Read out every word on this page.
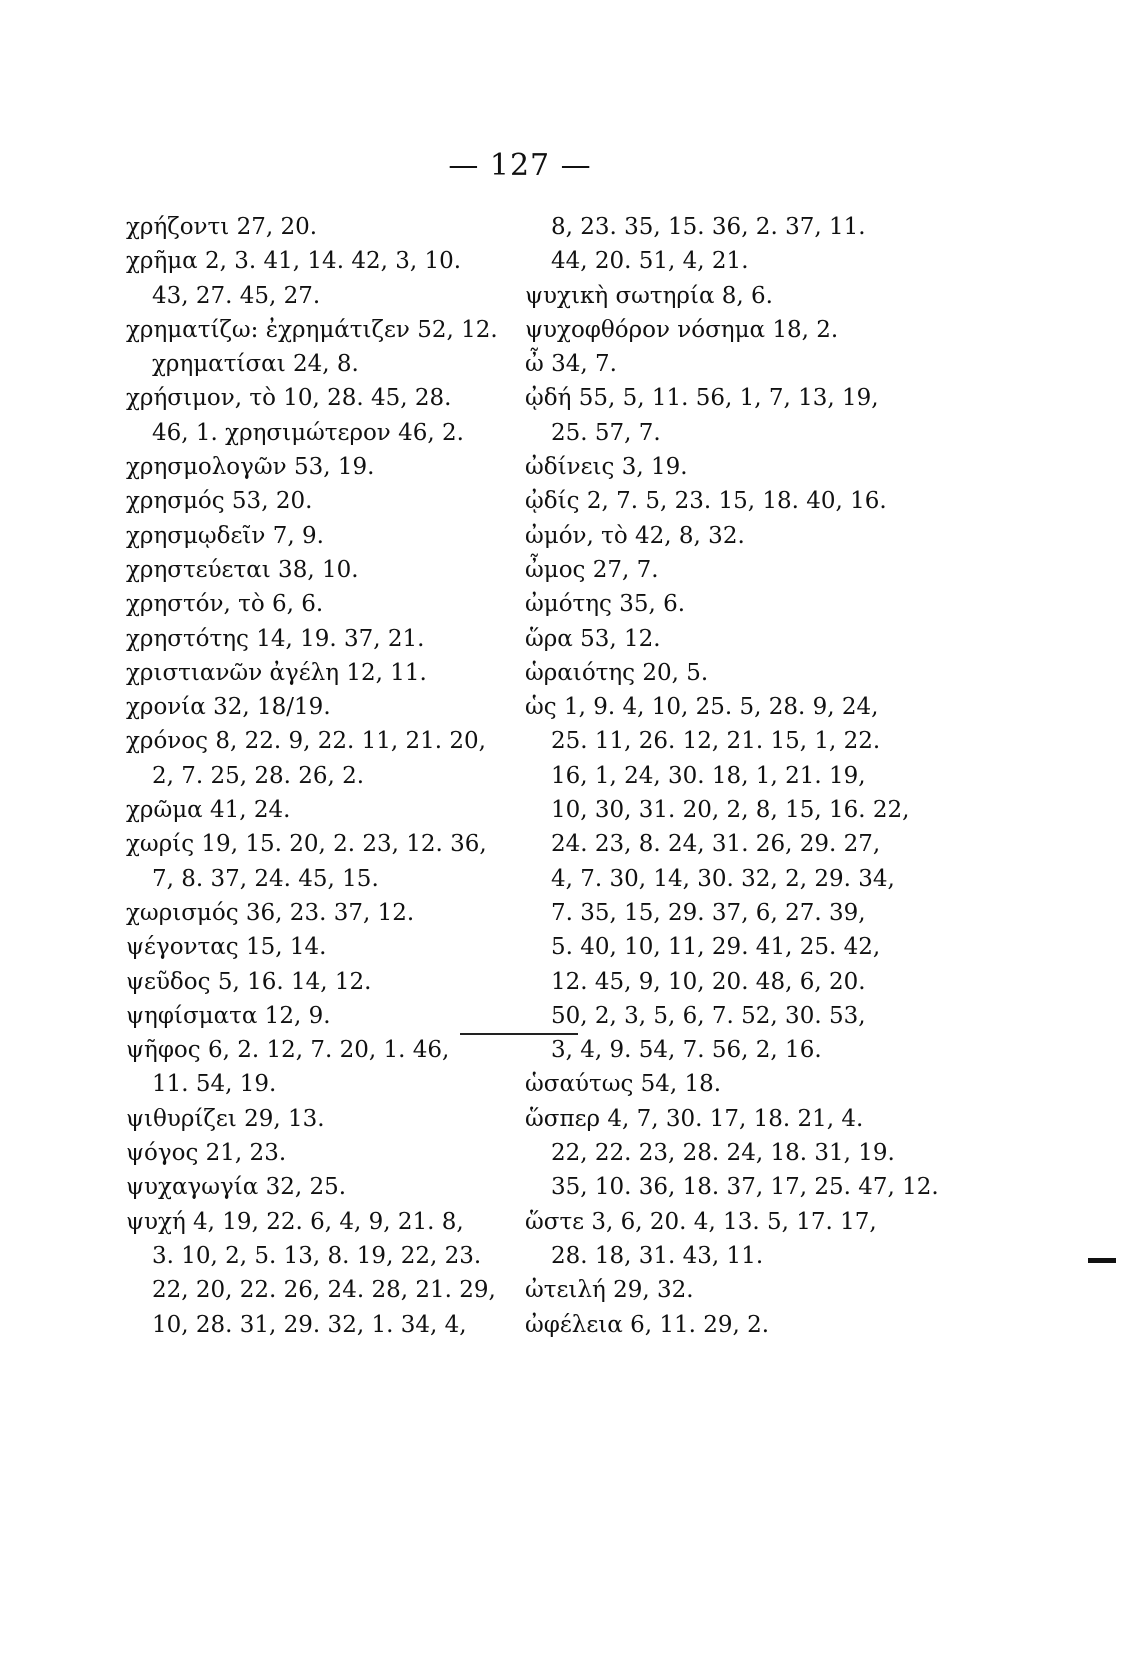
— 127 —
χρήζοντι 27, 20.
χρῆμα 2, 3. 41, 14. 42, 3, 10.
43, 27. 45, 27.
χρηματίζω: ἐχρημάτιζεν 52, 12.
χρηματίσαι 24, 8.
χρήσιμον, τὸ 10, 28. 45, 28.
46, 1. χρησιμώτερον 46, 2.
χρησμολογῶν 53, 19.
χρησμός 53, 20.
χρησμῳδεῖν 7, 9.
χρηστεύεται 38, 10.
χρηστόν, τὸ 6, 6.
χρηστότης 14, 19. 37, 21.
χριστιανῶν ἀγέλη 12, 11.
χρονία 32, 18/19.
χρόνος 8, 22. 9, 22. 11, 21. 20,
2, 7. 25, 28. 26, 2.
χρῶμα 41, 24.
χωρίς 19, 15. 20, 2. 23, 12. 36,
7, 8. 37, 24. 45, 15.
χωρισμός 36, 23. 37, 12.
ψέγοντας 15, 14.
ψεῦδος 5, 16. 14, 12.
ψηφίσματα 12, 9.
ψῆφος 6, 2. 12, 7. 20, 1. 46,
11. 54, 19.
ψιθυρίζει 29, 13.
ψόγος 21, 23.
ψυχαγωγία 32, 25.
ψυχή 4, 19, 22. 6, 4, 9, 21. 8,
3. 10, 2, 5. 13, 8. 19, 22, 23.
22, 20, 22. 26, 24. 28, 21. 29,
10, 28. 31, 29. 32, 1. 34, 4,
8, 23. 35, 15. 36, 2. 37, 11.
44, 20. 51, 4, 21.
ψυχικὴ σωτηρία 8, 6.
ψυχοφθόρον νόσημα 18, 2.
ὦ 34, 7.
ᾠδή 55, 5, 11. 56, 1, 7, 13, 19,
25. 57, 7.
ὠδίνεις 3, 19.
ᾠδίς 2, 7. 5, 23. 15, 18. 40, 16.
ὠμόν, τὸ 42, 8, 32.
ὦμος 27, 7.
ὠμότης 35, 6.
ὥρα 53, 12.
ὡραιότης 20, 5.
ὡς 1, 9. 4, 10, 25. 5, 28. 9, 24,
25. 11, 26. 12, 21. 15, 1, 22.
16, 1, 24, 30. 18, 1, 21. 19,
10, 30, 31. 20, 2, 8, 15, 16. 22,
24. 23, 8. 24, 31. 26, 29. 27,
4, 7. 30, 14, 30. 32, 2, 29. 34,
7. 35, 15, 29. 37, 6, 27. 39,
5. 40, 10, 11, 29. 41, 25. 42,
12. 45, 9, 10, 20. 48, 6, 20.
50, 2, 3, 5, 6, 7. 52, 30. 53,
3, 4, 9. 54, 7. 56, 2, 16.
ὡσαύτως 54, 18.
ὥσπερ 4, 7, 30. 17, 18. 21, 4.
22, 22. 23, 28. 24, 18. 31, 19.
35, 10. 36, 18. 37, 17, 25. 47, 12.
ὥστε 3, 6, 20. 4, 13. 5, 17. 17,
28. 18, 31. 43, 11.
ὠτειλή 29, 32.
ὠφέλεια 6, 11. 29, 2.
